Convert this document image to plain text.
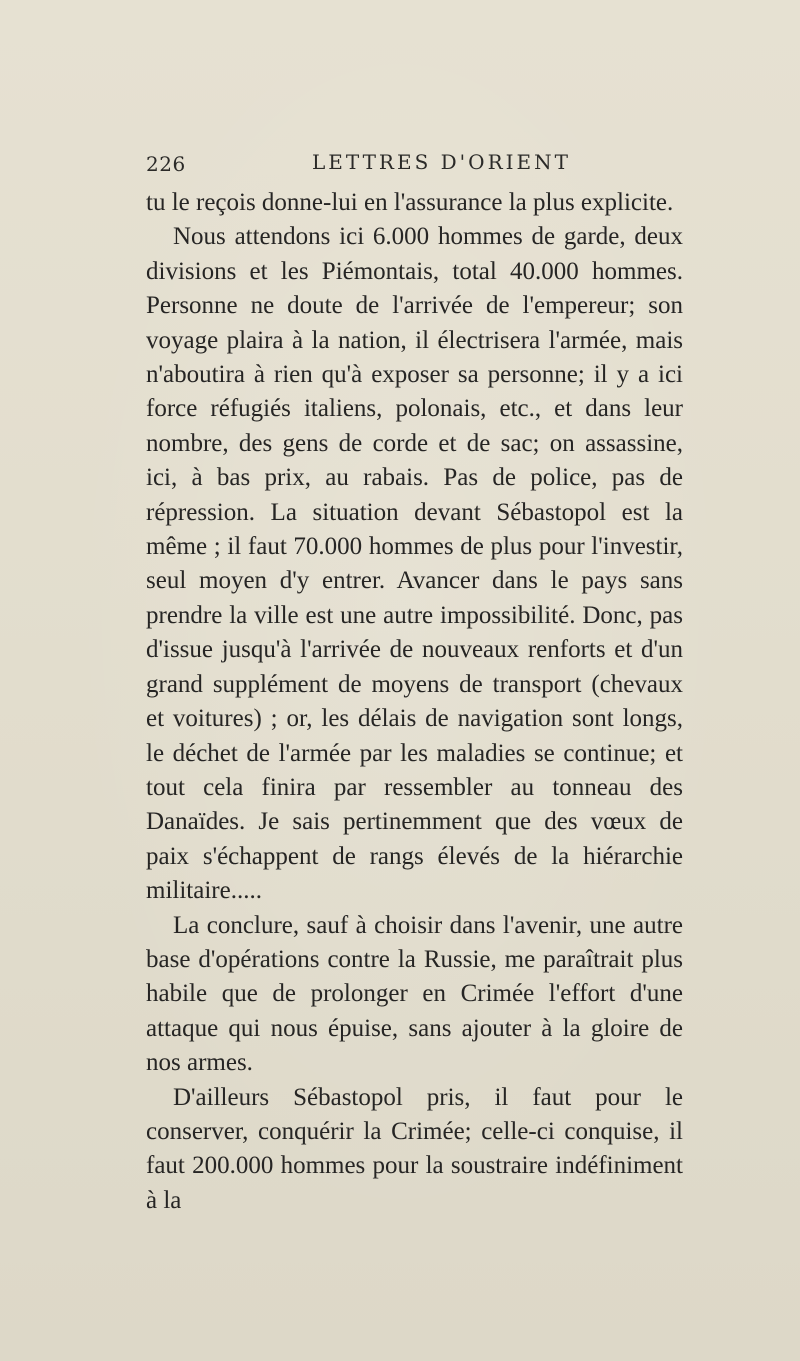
226	LETTRES D'ORIENT

tu le reçois donne-lui en l'assurance la plus explicite.

Nous attendons ici 6.000 hommes de garde, deux divisions et les Piémontais, total 40.000 hommes. Personne ne doute de l'arrivée de l'empereur; son voyage plaira à la nation, il électrisera l'armée, mais n'aboutira à rien qu'à exposer sa personne; il y a ici force réfugiés italiens, polonais, etc., et dans leur nombre, des gens de corde et de sac; on assassine, ici, à bas prix, au rabais. Pas de police, pas de répression. La situation devant Sébastopol est la même ; il faut 70.000 hommes de plus pour l'investir, seul moyen d'y entrer. Avancer dans le pays sans prendre la ville est une autre impossibilité. Donc, pas d'issue jusqu'à l'arrivée de nouveaux renforts et d'un grand supplément de moyens de transport (chevaux et voitures) ; or, les délais de navigation sont longs, le déchet de l'armée par les maladies se continue; et tout cela finira par ressembler au tonneau des Danaïdes. Je sais pertinemment que des vœux de paix s'échappent de rangs élevés de la hiérarchie militaire.....

La conclure, sauf à choisir dans l'avenir, une autre base d'opérations contre la Russie, me paraîtrait plus habile que de prolonger en Crimée l'effort d'une attaque qui nous épuise, sans ajouter à la gloire de nos armes.

D'ailleurs Sébastopol pris, il faut pour le conserver, conquérir la Crimée; celle-ci conquise, il faut 200.000 hommes pour la soustraire indéfiniment à la
